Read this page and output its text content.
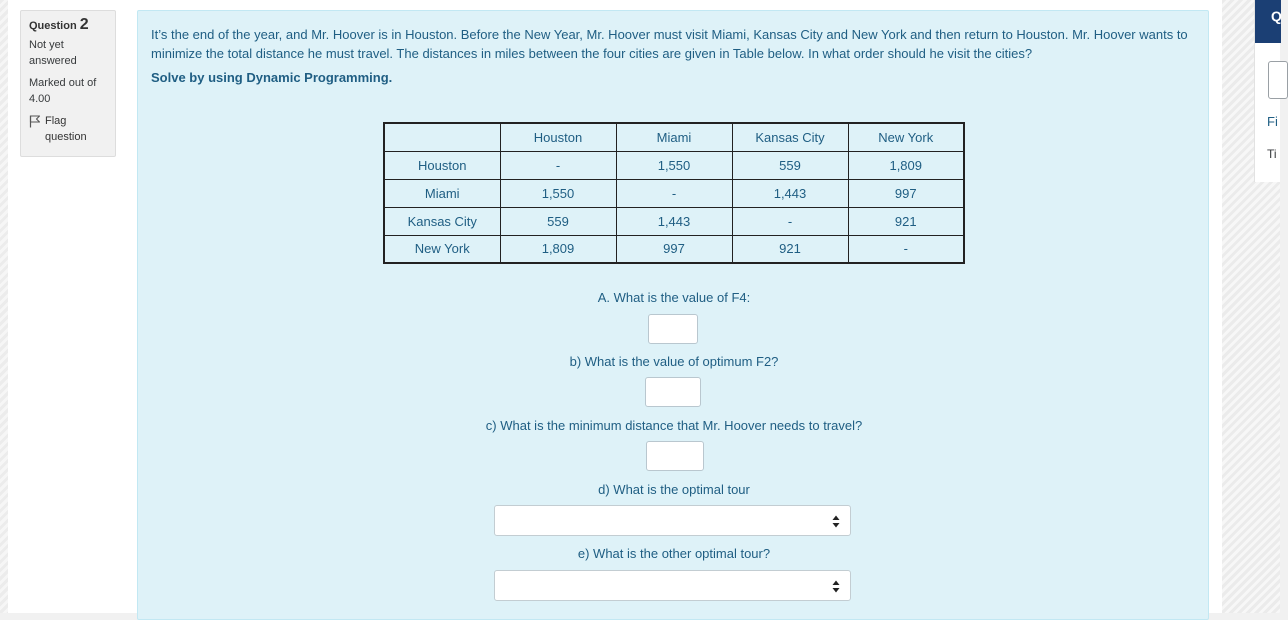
Question 2
Not yet answered
Marked out of 4.00
Flag question
It’s the end of the year, and Mr. Hoover is in Houston. Before the New Year, Mr. Hoover must visit Miami, Kansas City and New York and then return to Houston. Mr. Hoover wants to minimize the total distance he must travel. The distances in miles between the four cities are given in Table below. In what order should he visit the cities?
Solve by using Dynamic Programming.
	Houston	Miami	Kansas City	New York
Houston	-	1,550	559	1,809
Miami	1,550	-	1,443	997
Kansas City	559	1,443	-	921
New York	1,809	997	921	-
A. What is the value of F4:
b) What is the value of optimum F2?
c) What is the minimum distance that Mr. Hoover needs to travel?
d) What is the optimal tour
e) What is the other optimal tour?
Q
Fi
Ti
